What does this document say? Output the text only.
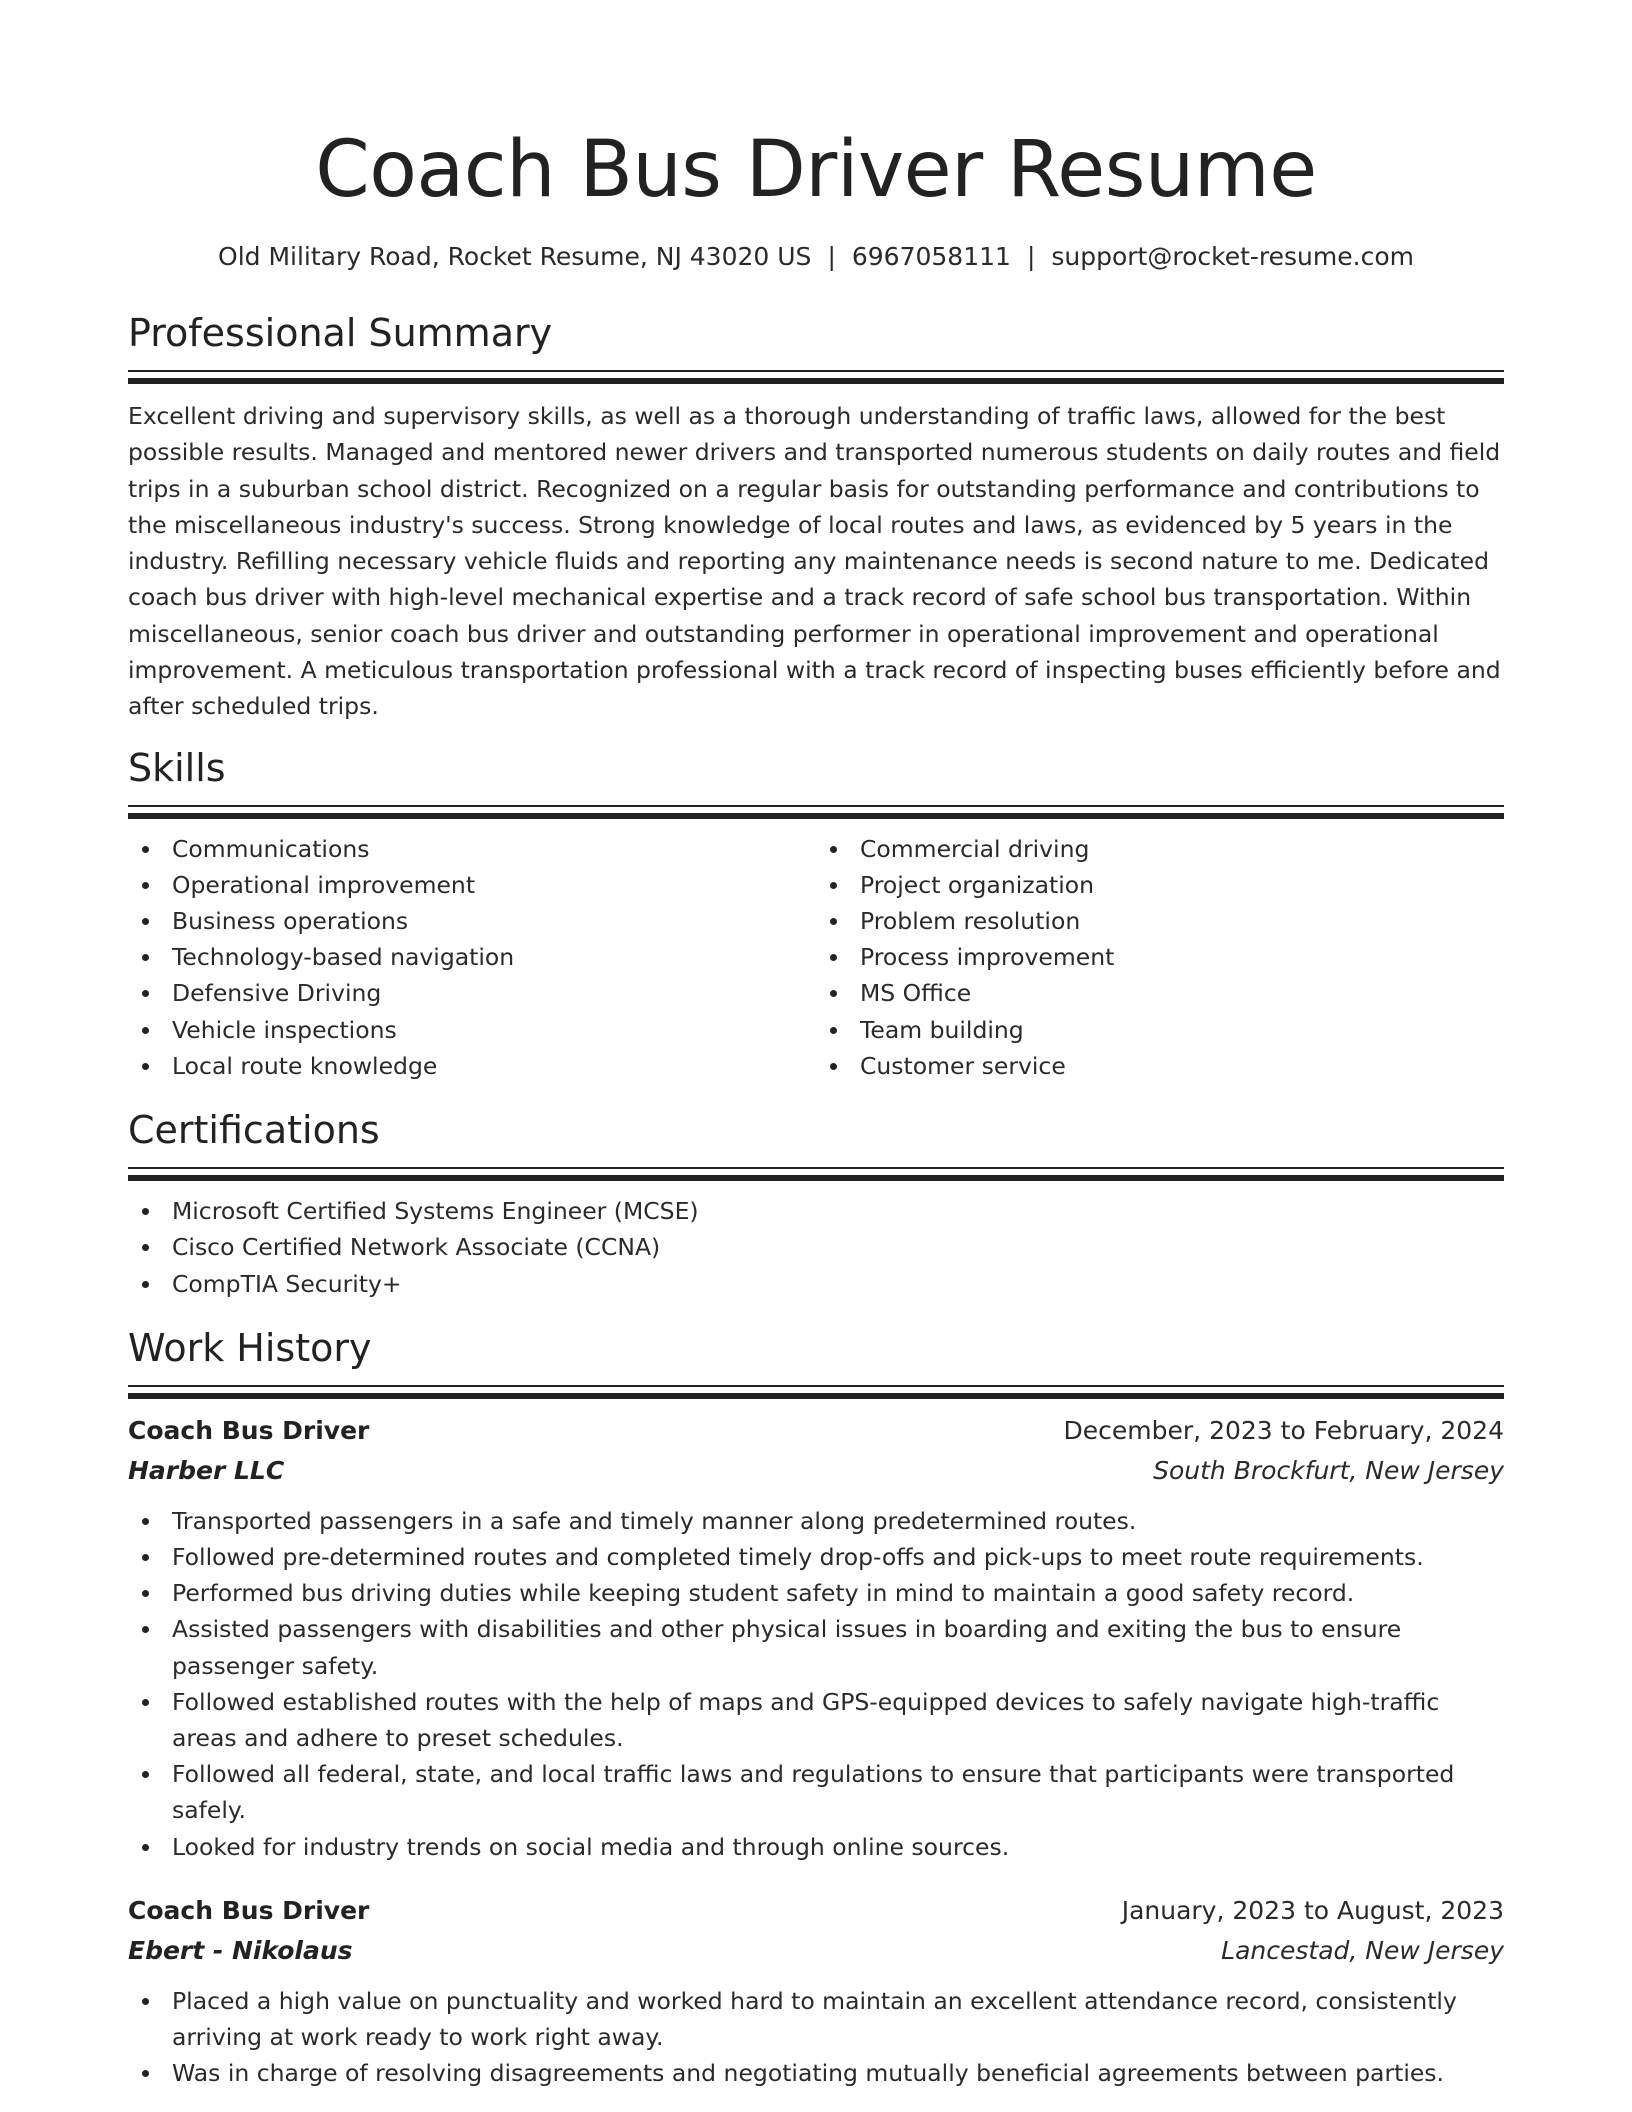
Coach Bus Driver Resume
Old Military Road, Rocket Resume, NJ 43020 US | 6967058111 | support@rocket-resume.com
Professional Summary

Excellent driving and supervisory skills, as well as a thorough understanding of traffic laws, allowed for the best possible results. Managed and mentored newer drivers and transported numerous students on daily routes and field trips in a suburban school district. Recognized on a regular basis for outstanding performance and contributions to the miscellaneous industry's success. Strong knowledge of local routes and laws, as evidenced by 5 years in the industry. Refilling necessary vehicle fluids and reporting any maintenance needs is second nature to me. Dedicated coach bus driver with high-level mechanical expertise and a track record of safe school bus transportation. Within miscellaneous, senior coach bus driver and outstanding performer in operational improvement and operational improvement. A meticulous transportation professional with a track record of inspecting buses efficiently before and after scheduled trips.

Skills
Communications
Operational improvement
Business operations
Technology-based navigation
Defensive Driving
Vehicle inspections
Local route knowledge
Commercial driving
Project organization
Problem resolution
Process improvement
MS Office
Team building
Customer service
Certifications
Microsoft Certified Systems Engineer (MCSE)
Cisco Certified Network Associate (CCNA)
CompTIA Security+
Work History
Coach Bus Driver	December, 2023 to February, 2024
Harber LLC	South Brockfurt, New Jersey
Transported passengers in a safe and timely manner along predetermined routes.
Followed pre-determined routes and completed timely drop-offs and pick-ups to meet route requirements.
Performed bus driving duties while keeping student safety in mind to maintain a good safety record.
Assisted passengers with disabilities and other physical issues in boarding and exiting the bus to ensure passenger safety.
Followed established routes with the help of maps and GPS-equipped devices to safely navigate high-traffic areas and adhere to preset schedules.
Followed all federal, state, and local traffic laws and regulations to ensure that participants were transported safely.
Looked for industry trends on social media and through online sources.
Coach Bus Driver	January, 2023 to August, 2023
Ebert - Nikolaus	Lancestad, New Jersey
Placed a high value on punctuality and worked hard to maintain an excellent attendance record, consistently arriving at work ready to work right away.
Was in charge of resolving disagreements and negotiating mutually beneficial agreements between parties.
